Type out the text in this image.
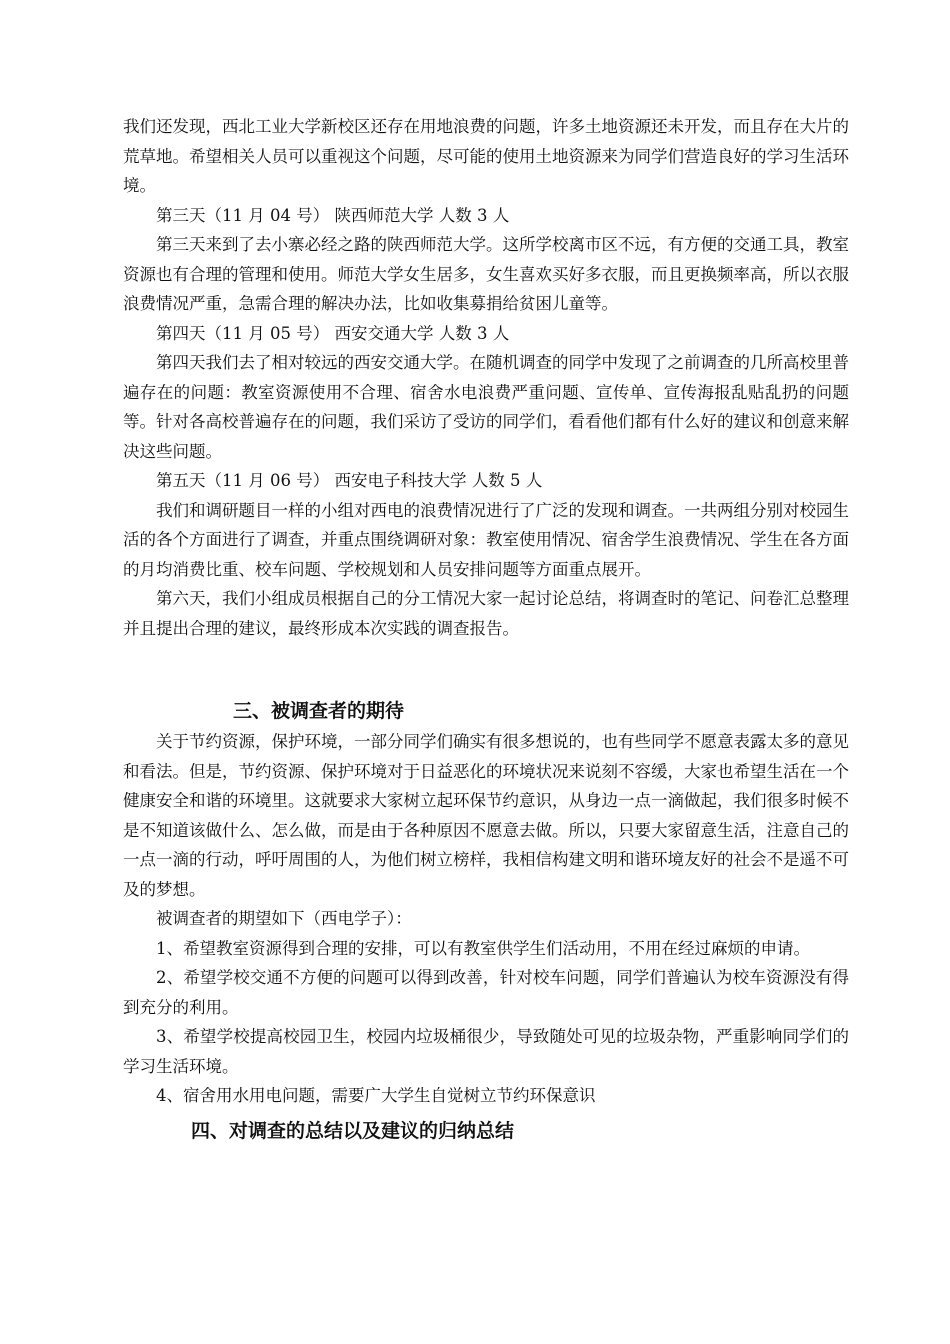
我们还发现，西北工业大学新校区还存在用地浪费的问题，许多土地资源还未开发，而且存在大片的荒草地。希望相关人员可以重视这个问题，尽可能的使用土地资源来为同学们营造良好的学习生活环境。

第三天（11 月 04 号） 陕西师范大学 人数 3 人

第三天来到了去小寨必经之路的陕西师范大学。这所学校离市区不远，有方便的交通工具，教室资源也有合理的管理和使用。师范大学女生居多，女生喜欢买好多衣服，而且更换频率高，所以衣服浪费情况严重，急需合理的解决办法，比如收集募捐给贫困儿童等。

第四天（11 月 05 号） 西安交通大学 人数 3 人

第四天我们去了相对较远的西安交通大学。在随机调查的同学中发现了之前调查的几所高校里普遍存在的问题：教室资源使用不合理、宿舍水电浪费严重问题、宣传单、宣传海报乱贴乱扔的问题等。针对各高校普遍存在的问题，我们采访了受访的同学们，看看他们都有什么好的建议和创意来解决这些问题。

第五天（11 月 06 号） 西安电子科技大学 人数 5 人

我们和调研题目一样的小组对西电的浪费情况进行了广泛的发现和调查。一共两组分别对校园生活的各个方面进行了调查，并重点围绕调研对象：教室使用情况、宿舍学生浪费情况、学生在各方面的月均消费比重、校车问题、学校规划和人员安排问题等方面重点展开。

第六天，我们小组成员根据自己的分工情况大家一起讨论总结，将调查时的笔记、问卷汇总整理并且提出合理的建议，最终形成本次实践的调查报告。

三、被调查者的期待

关于节约资源，保护环境，一部分同学们确实有很多想说的，也有些同学不愿意表露太多的意见和看法。但是，节约资源、保护环境对于日益恶化的环境状况来说刻不容缓，大家也希望生活在一个健康安全和谐的环境里。这就要求大家树立起环保节约意识，从身边一点一滴做起，我们很多时候不是不知道该做什么、怎么做，而是由于各种原因不愿意去做。所以，只要大家留意生活，注意自己的一点一滴的行动，呼吁周围的人，为他们树立榜样，我相信构建文明和谐环境友好的社会不是遥不可及的梦想。

被调查者的期望如下（西电学子）：

1、希望教室资源得到合理的安排，可以有教室供学生们活动用，不用在经过麻烦的申请。

2、希望学校交通不方便的问题可以得到改善，针对校车问题，同学们普遍认为校车资源没有得到充分的利用。

3、希望学校提高校园卫生，校园内垃圾桶很少，导致随处可见的垃圾杂物，严重影响同学们的学习生活环境。

4、宿舍用水用电问题，需要广大学生自觉树立节约环保意识

四、对调查的总结以及建议的归纳总结
